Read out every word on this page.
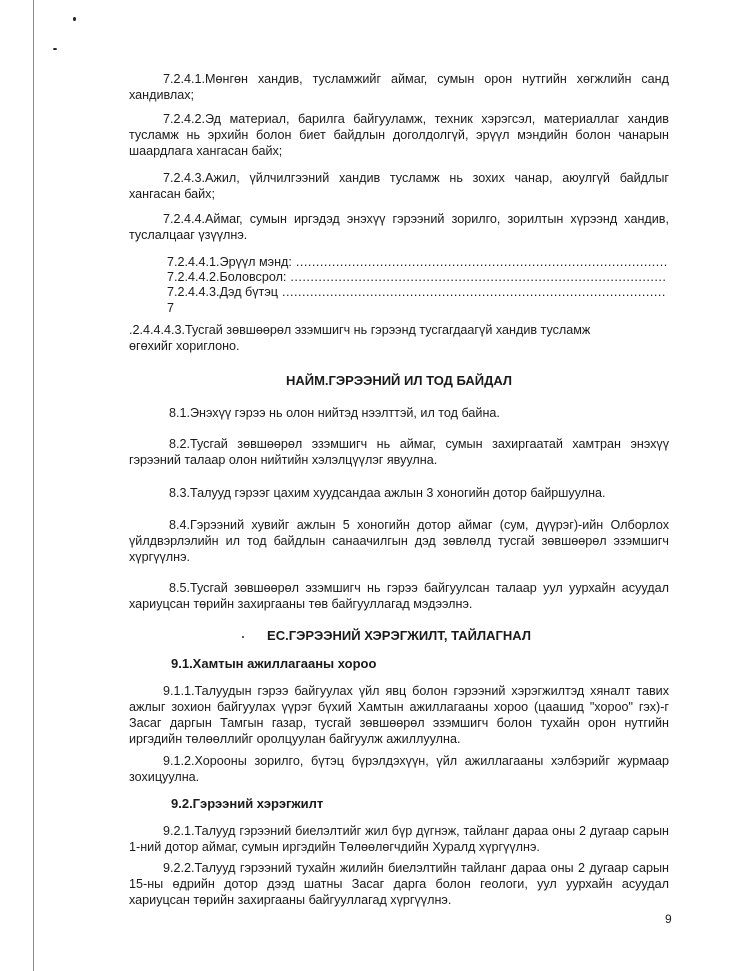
7.2.4.1.Мөнгөн хандив, тусламжийг аймаг, сумын орон нутгийн хөгжлийн санд хандивлах;

7.2.4.2.Эд материал, барилга байгууламж, техник хэрэгсэл, материаллаг хандив тусламж нь эрхийн болон биет байдлын доголдолгүй, эрүүл мэндийн болон чанарын шаардлага хангасан байх;

7.2.4.3.Ажил, үйлчилгээний хандив тусламж нь зохих чанар, аюулгүй байдлыг хангасан байх;

7.2.4.4.Аймаг, сумын иргэдэд энэхүү гэрээний зорилго, зорилтын хүрээнд хандив, туслалцааг үзүүлнэ.

7.2.4.4.1.Эрүүл мэнд: .....

7.2.4.4.2.Боловсрол: .....

7.2.4.4.3.Дэд бүтэц .....

7

.2.4.4.4.3.Тусгай зөвшөөрөл эзэмшигч нь гэрээнд тусгагдаагүй хандив тусламж

өгөхийг хориглоно.

НАЙМ.ГЭРЭЭНИЙ ИЛ ТОД БАЙДАЛ

8.1.Энэхүү гэрээ нь олон нийтэд нээлттэй, ил тод байна.

8.2.Тусгай зөвшөөрөл эзэмшигч нь аймаг, сумын захиргаатай хамтран энэхүү гэрээний талаар олон нийтийн хэлэлцүүлэг явуулна.

8.3.Талууд гэрээг цахим хуудсандаа ажлын 3 хоногийн дотор байршуулна.

8.4.Гэрээний хувийг ажлын 5 хоногийн дотор аймаг (сум, дүүрэг)-ийн Олборлох үйлдвэрлэлийн ил тод байдлын санаачилгын дэд зөвлөлд тусгай зөвшөөрөл эзэмшигч хүргүүлнэ.

8.5.Тусгай зөвшөөрөл эзэмшигч нь гэрээ байгуулсан талаар уул уурхайн асуудал хариуцсан төрийн захиргааны төв байгууллагад мэдээлнэ.

ЕС.ГЭРЭЭНИЙ ХЭРЭГЖИЛТ, ТАЙЛАГНАЛ

9.1.Хамтын ажиллагааны хороо

9.1.1.Талуудын гэрээ байгуулах үйл явц болон гэрээний хэрэгжилтэд хяналт тавих ажлыг зохион байгуулах үүрэг бүхий Хамтын ажиллагааны хороо (цаашид "хороо" гэх)-г Засаг даргын Тамгын газар, тусгай зөвшөөрөл эзэмшигч болон тухайн орон нутгийн иргэдийн төлөөллийг оролцуулан байгуулж ажиллуулна.

9.1.2.Хорооны зорилго, бүтэц бүрэлдэхүүн, үйл ажиллагааны хэлбэрийг журмаар зохицуулна.

9.2.Гэрээний хэрэгжилт

9.2.1.Талууд гэрээний биелэлтийг жил бүр дүгнэж, тайланг дараа оны 2 дугаар сарын 1-ний дотор аймаг, сумын иргэдийн Төлөөлөгчдийн Хуралд хүргүүлнэ.

9.2.2.Талууд гэрээний тухайн жилийн биелэлтийн тайланг дараа оны 2 дугаар сарын 15-ны өдрийн дотор дээд шатны Засаг дарга болон геологи, уул уурхайн асуудал хариуцсан төрийн захиргааны байгууллагад хүргүүлнэ.

9
